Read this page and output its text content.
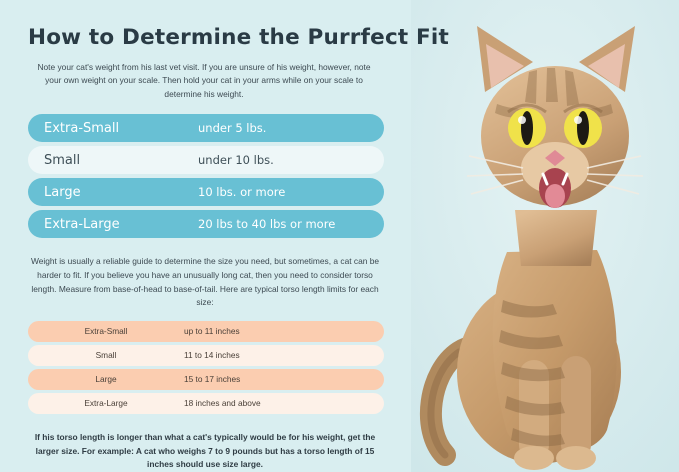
How to Determine the Purrfect Fit

Note your cat's weight from his last vet visit. If you are unsure of his weight, however, note your own weight on your scale. Then hold your cat in your arms while on your scale to determine his weight.

Extra-Small	under 5 lbs.
Small	under 10 lbs.
Large	10 lbs. or more
Extra-Large	20 lbs to 40 lbs or more

Weight is usually a reliable guide to determine the size you need, but sometimes, a cat can be harder to fit. If you believe you have an unusually long cat, then you need to consider torso length. Measure from base-of-head to base-of-tail. Here are typical torso length limits for each size:

Extra-Small	up to 11 inches
Small	11 to 14 inches
Large	15 to 17 inches
Extra-Large	18 inches and above

If his torso length is longer than what a cat's typically would be for his weight, get the larger size. For example: A cat who weighs 7 to 9 pounds but has a torso length of 15 inches should use size large.
